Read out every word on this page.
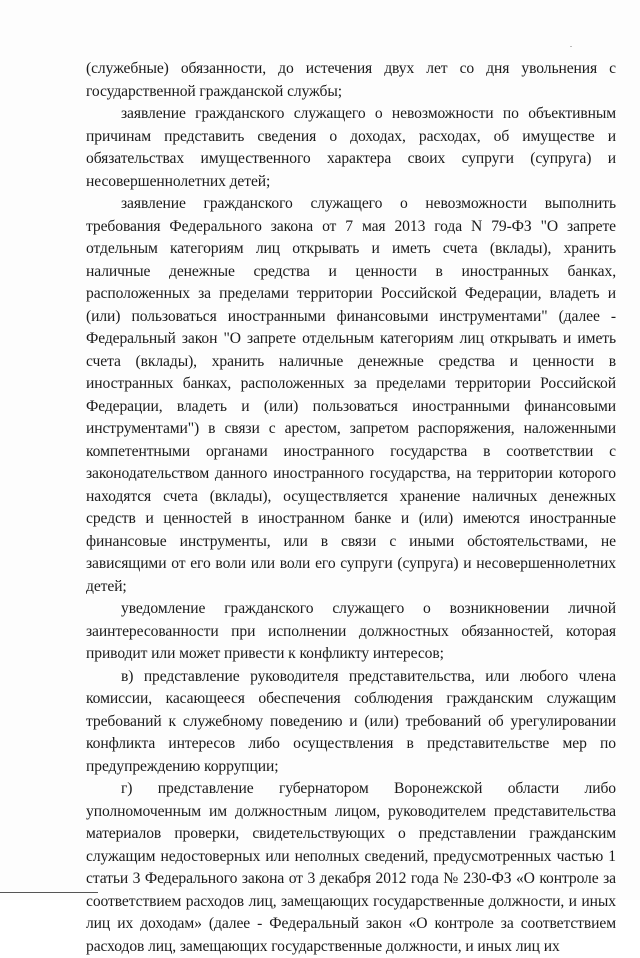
(служебные) обязанности, до истечения двух лет со дня увольнения с государственной гражданской службы;

заявление гражданского служащего о невозможности по объективным причинам представить сведения о доходах, расходах, об имуществе и обязательствах имущественного характера своих супруги (супруга) и несовершеннолетних детей;

заявление гражданского служащего о невозможности выполнить требования Федерального закона от 7 мая 2013 года N 79-ФЗ "О запрете отдельным категориям лиц открывать и иметь счета (вклады), хранить наличные денежные средства и ценности в иностранных банках, расположенных за пределами территории Российской Федерации, владеть и (или) пользоваться иностранными финансовыми инструментами" (далее - Федеральный закон "О запрете отдельным категориям лиц открывать и иметь счета (вклады), хранить наличные денежные средства и ценности в иностранных банках, расположенных за пределами территории Российской Федерации, владеть и (или) пользоваться иностранными финансовыми инструментами") в связи с арестом, запретом распоряжения, наложенными компетентными органами иностранного государства в соответствии с законодательством данного иностранного государства, на территории которого находятся счета (вклады), осуществляется хранение наличных денежных средств и ценностей в иностранном банке и (или) имеются иностранные финансовые инструменты, или в связи с иными обстоятельствами, не зависящими от его воли или воли его супруги (супруга) и несовершеннолетних детей;

уведомление гражданского служащего о возникновении личной заинтересованности при исполнении должностных обязанностей, которая приводит или может привести к конфликту интересов;

в) представление руководителя представительства, или любого члена комиссии, касающееся обеспечения соблюдения гражданским служащим требований к служебному поведению и (или) требований об урегулировании конфликта интересов либо осуществления в представительстве мер по предупреждению коррупции;

г) представление губернатором Воронежской области либо уполномоченным им должностным лицом, руководителем представительства материалов проверки, свидетельствующих о представлении гражданским служащим недостоверных или неполных сведений, предусмотренных частью 1 статьи 3 Федерального закона от 3 декабря 2012 года № 230-ФЗ «О контроле за соответствием расходов лиц, замещающих государственные должности, и иных лиц их доходам» (далее - Федеральный закон «О контроле за соответствием расходов лиц, замещающих государственные должности, и иных лиц их
